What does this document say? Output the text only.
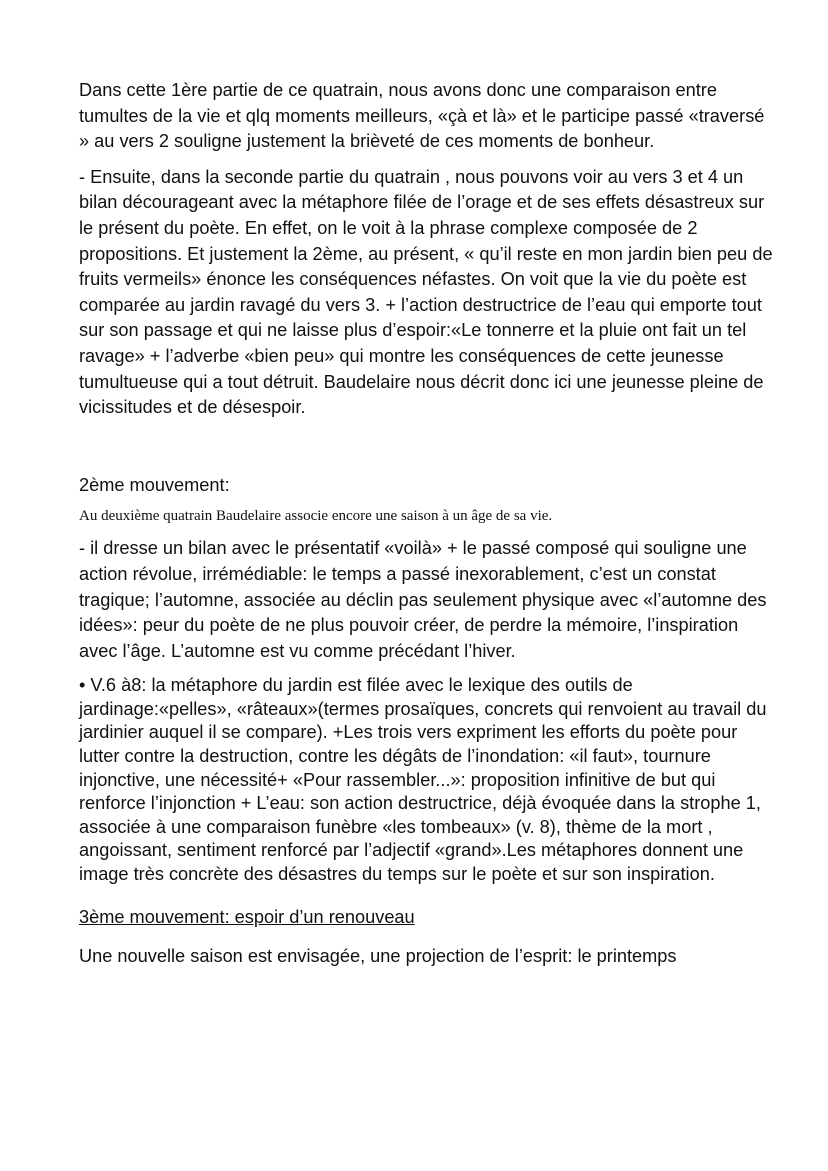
Dans cette 1ère partie de ce quatrain, nous avons donc une comparaison entre tumultes de la vie et qlq moments meilleurs, «çà et là» et le participe passé «traversé » au vers 2 souligne justement la brièveté de ces moments de bonheur.

- Ensuite, dans la seconde partie du quatrain , nous pouvons voir au vers 3 et 4 un bilan décourageant avec la métaphore filée de l’orage et de ses effets désastreux sur le présent du poète. En effet, on le voit à la phrase complexe composée de 2 propositions. Et justement la 2ème, au présent, « qu’il reste en mon jardin bien peu de fruits vermeils» énonce les conséquences néfastes. On voit que la vie du poète est comparée au jardin ravagé du vers 3. + l’action destructrice de l’eau qui emporte tout sur son passage et qui ne laisse plus d’espoir:«Le tonnerre et la pluie ont fait un tel ravage» + l’adverbe «bien peu» qui montre les conséquences de cette jeunesse tumultueuse qui a tout détruit. Baudelaire nous décrit donc ici une jeunesse pleine de vicissitudes et de désespoir.

2ème mouvement:

Au deuxième quatrain Baudelaire associe encore une saison à un âge de sa vie.

- il dresse un bilan avec le présentatif «voilà» + le passé composé qui souligne une action révolue, irrémédiable: le temps a passé inexorablement, c’est un constat tragique; l’automne, associée au déclin pas seulement physique avec «l’automne des idées»: peur du poète de ne plus pouvoir créer, de perdre la mémoire, l’inspiration avec l’âge. L’automne est vu comme précédant l’hiver.

• V.6 à8: la métaphore du jardin est filée avec le lexique des outils de jardinage:«pelles», «râteaux»(termes prosaïques, concrets qui renvoient au travail du jardinier auquel il se compare). +Les trois vers expriment les efforts du poète pour lutter contre la destruction, contre les dégâts de l’inondation: «il faut», tournure injonctive, une nécessité+ «Pour rassembler...»: proposition infinitive de but qui renforce l’injonction + L’eau: son action destructrice, déjà évoquée dans la strophe 1, associée à une comparaison funèbre «les tombeaux» (v. 8), thème de la mort , angoissant, sentiment renforcé par l’adjectif «grand».Les métaphores donnent une image très concrète des désastres du temps sur le poète et sur son inspiration.

3ème mouvement: espoir d’un renouveau

Une nouvelle saison est envisagée, une projection de l’esprit: le printemps
